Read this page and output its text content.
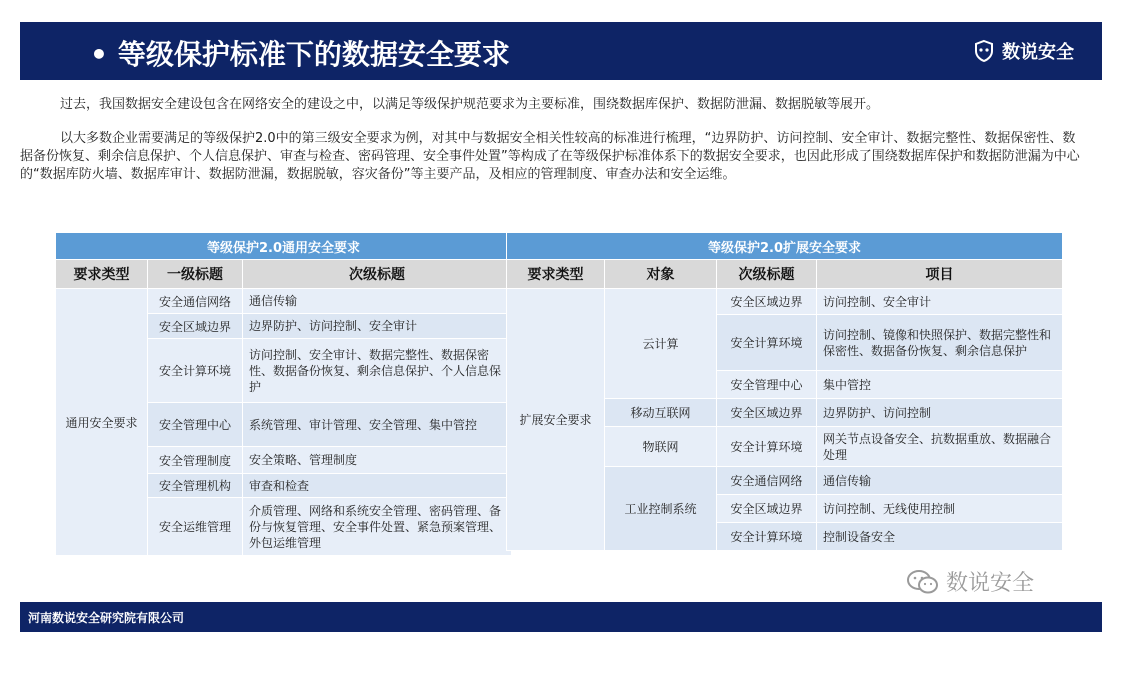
• 等级保护标准下的数据安全要求	数说安全
过去，我国数据安全建设包含在网络安全的建设之中，以满足等级保护规范要求为主要标准，围绕数据库保护、数据防泄漏、数据脱敏等展开。
以大多数企业需要满足的等级保护2.0中的第三级安全要求为例，对其中与数据安全相关性较高的标准进行梳理，“边界防护、访问控制、安全审计、数据完整性、数据保密性、数据备份恢复、剩余信息保护、个人信息保护、审查与检查、密码管理、安全事件处置”等构成了在等级保护标准体系下的数据安全要求，也因此形成了围绕数据库保护和数据防泄漏为中心的“数据库防火墙、数据库审计、数据防泄漏，数据脱敏，容灾备份”等主要产品，及相应的管理制度、审查办法和安全运维。
等级保护2.0通用安全要求		
要求类型	一级标题	次级标题
通用安全要求	安全通信网络	通信传输
	安全区域边界	边界防护、访问控制、安全审计
	安全计算环境	访问控制、安全审计、数据完整性、数据保密性、数据备份恢复、剩余信息保护、个人信息保护
	安全管理中心	系统管理、审计管理、安全管理、集中管控
	安全管理制度	安全策略、管理制度
	安全管理机构	审查和检查
	安全运维管理	介质管理、网络和系统安全管理、密码管理、备份与恢复管理、安全事件处置、紧急预案管理、外包运维管理
等级保护2.0扩展安全要求			
要求类型	对象	次级标题	项目
扩展安全要求	云计算	安全区域边界	访问控制、安全审计
		安全计算环境	访问控制、镜像和快照保护、数据完整性和保密性、数据备份恢复、剩余信息保护
		安全管理中心	集中管控
	移动互联网	安全区域边界	边界防护、访问控制
	物联网	安全计算环境	网关节点设备安全、抗数据重放、数据融合处理
	工业控制系统	安全通信网络	通信传输
		安全区域边界	访问控制、无线使用控制
		安全计算环境	控制设备安全
数说安全
河南数说安全研究院有限公司
